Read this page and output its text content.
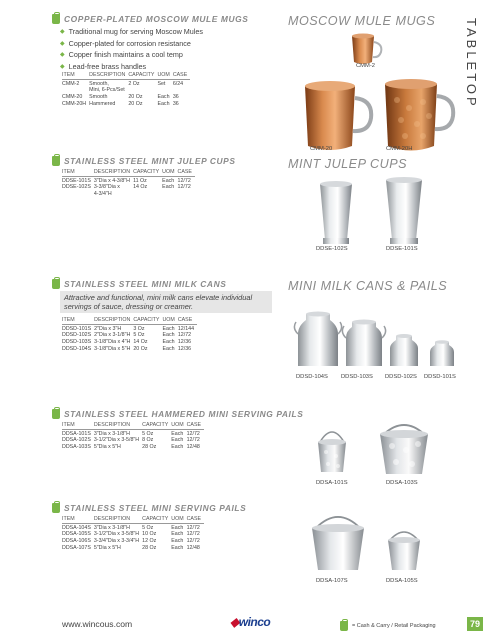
TABLETOP
COPPER-PLATED MOSCOW MULE MUGS
◆ Traditional mug for serving Moscow Mules
◆ Copper-plated for corrosion resistance
◆ Copper finish maintains a cool temp
◆ Lead-free brass handles
ITEM	DESCRIPTION	CAPACITY	UOM	CASE
CMM-2	Smooth,
Mini, 6-Pcs/Set	2 Oz	Set	6/24
CMM-20	Smooth	20 Oz	Each	36
CMM-20H	Hammered	20 Oz	Each	36
MOSCOW MULE MUGS
CMM-2
CMM-20	CMM-20H
STAINLESS STEEL MINT JULEP CUPS
ITEM	DESCRIPTION	CAPACITY	UOM	CASE
DDSE-101S	3"Dia x 4-3/8"H	11 Oz	Each	12/72
DDSE-102S	3-3/8"Dia x
4-3/4"H	14 Oz	Each	12/72
MINT JULEP CUPS
DDSE-102S	DDSE-101S
STAINLESS STEEL MINI MILK CANS
Attractive and functional, mini milk cans elevate individual servings of sauce, dressing or creamer.
ITEM	DESCRIPTION	CAPACITY	UOM	CASE
DDSD-101S	2"Dia x 3"H	3 Oz	Each	12/144
DDSD-102S	2"Dia x 3-1/8"H	5 Oz	Each	12/72
DDSD-103S	3-1/8"Dia x 4"H	14 Oz	Each	12/36
DDSD-104S	3-1/8"Dia x 5"H	20 Oz	Each	12/36
MINI MILK CANS & PAILS
DDSD-104S DDSD-103S DDSD-102S DDSD-101S
STAINLESS STEEL HAMMERED MINI SERVING PAILS
ITEM	DESCRIPTION	CAPACITY	UOM	CASE
DDSA-101S	3"Dia x 3-1/8"H	5 Oz	Each	12/72
DDSA-102S	3-1/2"Dia x 3-5/8"H	8 Oz	Each	12/72
DDSA-103S	5"Dia x 5"H	28 Oz	Each	12/48
DDSA-101S	DDSA-103S
STAINLESS STEEL MINI SERVING PAILS
ITEM	DESCRIPTION	CAPACITY	UOM	CASE
DDSA-104S	3"Dia x 3-1/8"H	5 Oz	Each	12/72
DDSA-105S	3-1/2"Dia x 3-5/8"H	10 Oz	Each	12/72
DDSA-106S	3-3/4"Dia x 3-3/4"H	12 Oz	Each	12/72
DDSA-107S	5"Dia x 5"H	28 Oz	Each	12/48
DDSA-107S	DDSA-105S
www.wincous.com	◆winco	= Cash & Carry / Retail Packaging	79
